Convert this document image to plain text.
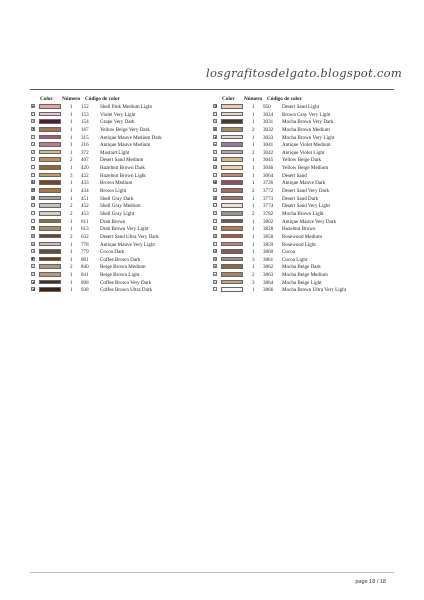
losgrafitosdelgato.blogspot.com
Color Número Código de color
■	1 152 Shell Pink Medium Light
◻	1 153 Violet Very Light
✕	1 154 Grape Very Dark
✱	1 167 Yellow Beige Very Dark
•	1 315 Antique Mauve Medium Dark
∖	1 316 Antique Mauve Medium
✓	1 372 Mustard Light
·	2 407 Desert Sand Medium
◦	1 420 Hazelnut Brown Dark
+	3 422 Hazelnut Brown Light
◧	1 433 Brown Medium
◩	1 434 Brown Light
▦	1 451 Shell Gray Dark
□	2 452 Shell Gray Medium
◌	2 453 Shell Gray Light
·	1 611 Drab Brown
◥	1 613 Drab Brown Very Light
⊠	2 632 Desert Sand Ultra Very Dark
●	1 778 Antique Mauve Very Light
◑	1 779 Cocoa Dark
◤	1 801 Coffee Brown Dark
◺	2 840 Beige Brown Medium
◫	1 841 Beige Brown Light
◢	1 898 Coffee Brown Very Dark
◪	1 938 Coffee Brown Ultra Dark
Color Número Código de color
◨	1 950 Desert Sand Light
▢	1 3024 Brown Gray Very Light
▾	1 3031 Mocha Brown Very Dark
◙	2 3032 Mocha Brown Medium
▲	1 3033 Mocha Brown Very Light
▴	1 3041 Antique Violet Medium
◇	2 3042 Antique Violet Light
◮	1 3045 Yellow Beige Dark
⊞	1 3046 Yellow Beige Medium
○	1 3064 Desert Sand
◆	1 3726 Antique Mauve Dark
◗	2 3772 Desert Sand Very Dark
◉	1 3773 Desert Sand Dark
☐	1 3774 Desert Sand Very Light
▽	2 3782 Mocha Brown Light
◔	1 3802 Antique Mauve Very Dark
▸	1 3828 Hazelnut Brown
◍	1 3858 Rosewood Medium
◐	1 3859 Rosewood Light
⊕	1 3860 Cocoa
◘	3 3861 Cocoa Light
◈	1 3862 Mocha Beige Dark
◒	2 3863 Mocha Beige Medium
◵	3 3864 Mocha Beige Light
◦	1 3866 Mocha Brown Ultra Very Light
page 18 / 18
